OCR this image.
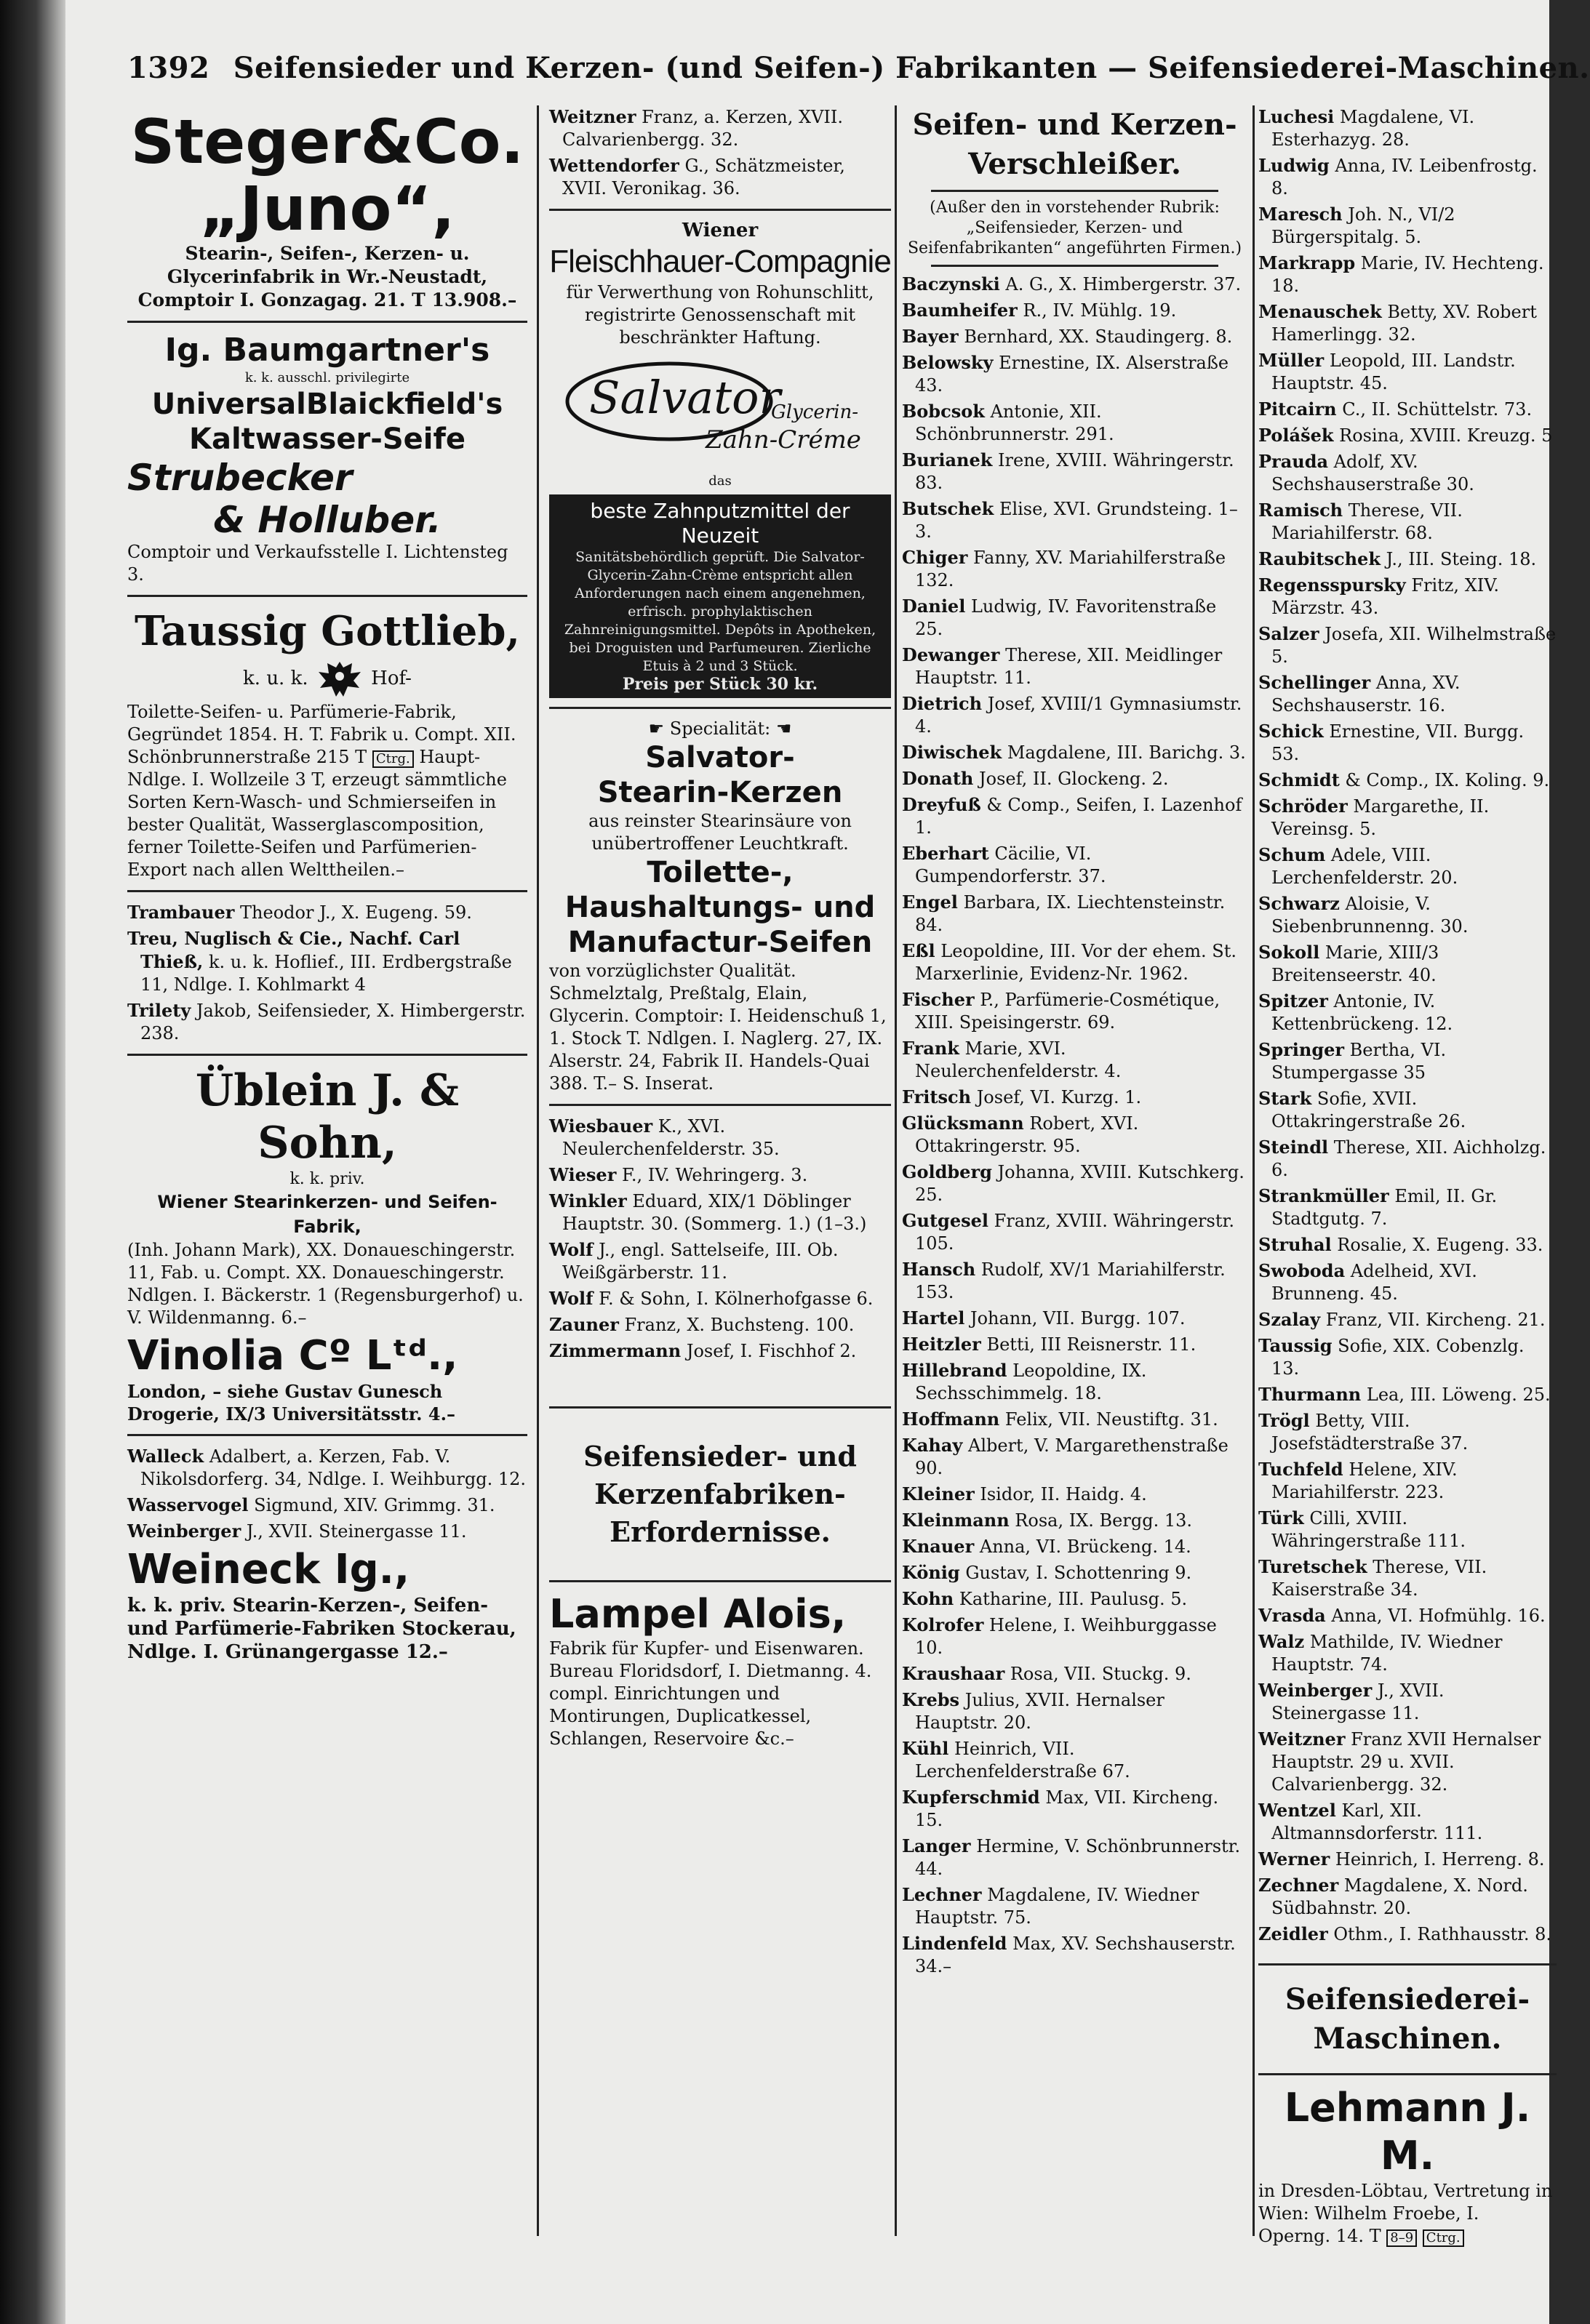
1392 Seifensieder und Kerzen- (und Seifen-) Fabrikanten — Seifensiederei-Maschinen.
Steger&Co.
„Juno“,
Stearin-, Seifen-, Kerzen- u. Glycerinfabrik in Wr.-Neustadt, Comptoir I. Gonzagag. 21. T 13.908.–
Ig. Baumgartner's
k. k. ausschl. privilegirte
UniversalBlaickfield's
Kaltwasser-Seife
Strubecker
& Holluber.
Comptoir und Verkaufsstelle I. Lichtensteg 3.
Taussig Gottlieb,
k. u. k.	Hof-
Toilette-Seifen- u. Parfümerie-Fabrik, Gegründet 1854. H. T. Fabrik u. Compt. XII. Schönbrunnerstraße 215 T Ctrg. Haupt-Ndlge. I. Wollzeile 3 T, erzeugt sämmtliche Sorten Kern-Wasch- und Schmierseifen in bester Qualität, Wasserglascomposition, ferner Toilette-Seifen und Parfümerien-Export nach allen Welttheilen.–
Trambauer Theodor J., X. Eugeng. 59.
Treu, Nuglisch & Cie., Nachf. Carl Thieß, k. u. k. Hoflief., III. Erdbergstraße 11, Ndlge. I. Kohlmarkt 4
Trilety Jakob, Seifensieder, X. Himbergerstr. 238.
Üblein J. & Sohn,
k. k. priv.
Wiener Stearinkerzen- und Seifen-Fabrik,
(Inh. Johann Mark), XX. Donaueschingerstr. 11, Fab. u. Compt. XX. Donaueschingerstr. Ndlgen. I. Bäckerstr. 1 (Regensburgerhof) u. V. Wildenmanng. 6.–
Vinolia Cº Lᵗᵈ.,
London, – siehe Gustav Gunesch Drogerie, IX/3 Universitätsstr. 4.–
Walleck Adalbert, a. Kerzen, Fab. V. Nikolsdorferg. 34, Ndlge. I. Weihburgg. 12.
Wasservogel Sigmund, XIV. Grimmg. 31.
Weinberger J., XVII. Steinergasse 11.
Weineck Ig.,
k. k. priv. Stearin-Kerzen-, Seifen- und Parfümerie-Fabriken Stockerau, Ndlge. I. Grünangergasse 12.–
Weitzner Franz, a. Kerzen, XVII. Calvarienbergg. 32.
Wettendorfer G., Schätzmeister, XVII. Veronikag. 36.
Wiener
Fleischhauer-Compagnie
für Verwerthung von Rohunschlitt, registrirte Genossenschaft mit beschränkter Haftung.
Salvator
Glycerin-
Zahn-Créme
das
beste Zahnputzmittel der Neuzeit
Sanitätsbehördlich geprüft. Die Salvator-Glycerin-Zahn-Crème entspricht allen Anforderungen nach einem angenehmen, erfrisch. prophylaktischen Zahnreinigungsmittel. Depôts in Apotheken, bei Droguisten und Parfumeuren. Zierliche Etuis à 2 und 3 Stück.
Preis per Stück 30 kr.
☛ Specialität: ☚
Salvator-
Stearin-Kerzen
aus reinster Stearinsäure von unübertroffener Leuchtkraft.
Toilette-,
Haushaltungs- und
Manufactur-Seifen
von vorzüglichster Qualität. Schmelztalg, Preßtalg, Elain, Glycerin. Comptoir: I. Heidenschuß 1, 1. Stock T. Ndlgen. I. Naglerg. 27, IX. Alserstr. 24, Fabrik II. Handels-Quai 388. T.– S. Inserat.
Wiesbauer K., XVI. Neulerchenfelderstr. 35.
Wieser F., IV. Wehringerg. 3.
Winkler Eduard, XIX/1 Döblinger Hauptstr. 30. (Sommerg. 1.) (1–3.)
Wolf J., engl. Sattelseife, III. Ob. Weißgärberstr. 11.
Wolf F. & Sohn, I. Kölnerhofgasse 6.
Zauner Franz, X. Buchsteng. 100.
Zimmermann Josef, I. Fischhof 2.
Seifensieder- und Kerzenfabriken-Erfordernisse.
Lampel Alois,
Fabrik für Kupfer- und Eisenwaren. Bureau Floridsdorf, I. Dietmanng. 4. compl. Einrichtungen und Montirungen, Duplicatkessel, Schlangen, Reservoire &c.–
Seifen- und Kerzen-Verschleißer.
(Außer den in vorstehender Rubrik: „Seifensieder, Kerzen- und Seifenfabrikanten“ angeführten Firmen.)
Baczynski A. G., X. Himbergerstr. 37.
Baumheifer R., IV. Mühlg. 19.
Bayer Bernhard, XX. Staudingerg. 8.
Belowsky Ernestine, IX. Alserstraße 43.
Bobcsok Antonie, XII. Schönbrunnerstr. 291.
Burianek Irene, XVIII. Währingerstr. 83.
Butschek Elise, XVI. Grundsteing. 1–3.
Chiger Fanny, XV. Mariahilferstraße 132.
Daniel Ludwig, IV. Favoritenstraße 25.
Dewanger Therese, XII. Meidlinger Hauptstr. 11.
Dietrich Josef, XVIII/1 Gymnasiumstr. 4.
Diwischek Magdalene, III. Barichg. 3.
Donath Josef, II. Glockeng. 2.
Dreyfuß & Comp., Seifen, I. Lazenhof 1.
Eberhart Cäcilie, VI. Gumpendorferstr. 37.
Engel Barbara, IX. Liechtensteinstr. 84.
Eßl Leopoldine, III. Vor der ehem. St. Marxerlinie, Evidenz-Nr. 1962.
Fischer P., Parfümerie-Cosmétique, XIII. Speisingerstr. 69.
Frank Marie, XVI. Neulerchenfelderstr. 4.
Fritsch Josef, VI. Kurzg. 1.
Glücksmann Robert, XVI. Ottakringerstr. 95.
Goldberg Johanna, XVIII. Kutschkerg. 25.
Gutgesel Franz, XVIII. Währingerstr. 105.
Hansch Rudolf, XV/1 Mariahilferstr. 153.
Hartel Johann, VII. Burgg. 107.
Heitzler Betti, III Reisnerstr. 11.
Hillebrand Leopoldine, IX. Sechsschimmelg. 18.
Hoffmann Felix, VII. Neustiftg. 31.
Kahay Albert, V. Margarethenstraße 90.
Kleiner Isidor, II. Haidg. 4.
Kleinmann Rosa, IX. Bergg. 13.
Knauer Anna, VI. Brückeng. 14.
König Gustav, I. Schottenring 9.
Kohn Katharine, III. Paulusg. 5.
Kolrofer Helene, I. Weihburggasse 10.
Kraushaar Rosa, VII. Stuckg. 9.
Krebs Julius, XVII. Hernalser Hauptstr. 20.
Kühl Heinrich, VII. Lerchenfelderstraße 67.
Kupferschmid Max, VII. Kircheng. 15.
Langer Hermine, V. Schönbrunnerstr. 44.
Lechner Magdalene, IV. Wiedner Hauptstr. 75.
Lindenfeld Max, XV. Sechshauserstr. 34.–
Luchesi Magdalene, VI. Esterhazyg. 28.
Ludwig Anna, IV. Leibenfrostg. 8.
Maresch Joh. N., VI/2 Bürgerspitalg. 5.
Markrapp Marie, IV. Hechteng. 18.
Menauschek Betty, XV. Robert Hamerlingg. 32.
Müller Leopold, III. Landstr. Hauptstr. 45.
Pitcairn C., II. Schüttelstr. 73.
Polášek Rosina, XVIII. Kreuzg. 5
Prauda Adolf, XV. Sechshauserstraße 30.
Ramisch Therese, VII. Mariahilferstr. 68.
Raubitschek J., III. Steing. 18.
Regensspursky Fritz, XIV. Märzstr. 43.
Salzer Josefa, XII. Wilhelmstraße 5.
Schellinger Anna, XV. Sechshauserstr. 16.
Schick Ernestine, VII. Burgg. 53.
Schmidt & Comp., IX. Koling. 9.
Schröder Margarethe, II. Vereinsg. 5.
Schum Adele, VIII. Lerchenfelderstr. 20.
Schwarz Aloisie, V. Siebenbrunnenng. 30.
Sokoll Marie, XIII/3 Breitenseerstr. 40.
Spitzer Antonie, IV. Kettenbrückeng. 12.
Springer Bertha, VI. Stumpergasse 35
Stark Sofie, XVII. Ottakringerstraße 26.
Steindl Therese, XII. Aichholzg. 6.
Strankmüller Emil, II. Gr. Stadtgutg. 7.
Struhal Rosalie, X. Eugeng. 33.
Swoboda Adelheid, XVI. Brunneng. 45.
Szalay Franz, VII. Kircheng. 21.
Taussig Sofie, XIX. Cobenzlg. 13.
Thurmann Lea, III. Löweng. 25.
Trögl Betty, VIII. Josefstädterstraße 37.
Tuchfeld Helene, XIV. Mariahilferstr. 223.
Türk Cilli, XVIII. Währingerstraße 111.
Turetschek Therese, VII. Kaiserstraße 34.
Vrasda Anna, VI. Hofmühlg. 16.
Walz Mathilde, IV. Wiedner Hauptstr. 74.
Weinberger J., XVII. Steinergasse 11.
Weitzner Franz XVII Hernalser Hauptstr. 29 u. XVII. Calvarienbergg. 32.
Wentzel Karl, XII. Altmannsdorferstr. 111.
Werner Heinrich, I. Herreng. 8.
Zechner Magdalene, X. Nord. Südbahnstr. 20.
Zeidler Othm., I. Rathhausstr. 8.
Seifensiederei-Maschinen.
Lehmann J. M.
in Dresden-Löbtau, Vertretung in Wien: Wilhelm Froebe, I. Operng. 14. T 8–9 Ctrg.
